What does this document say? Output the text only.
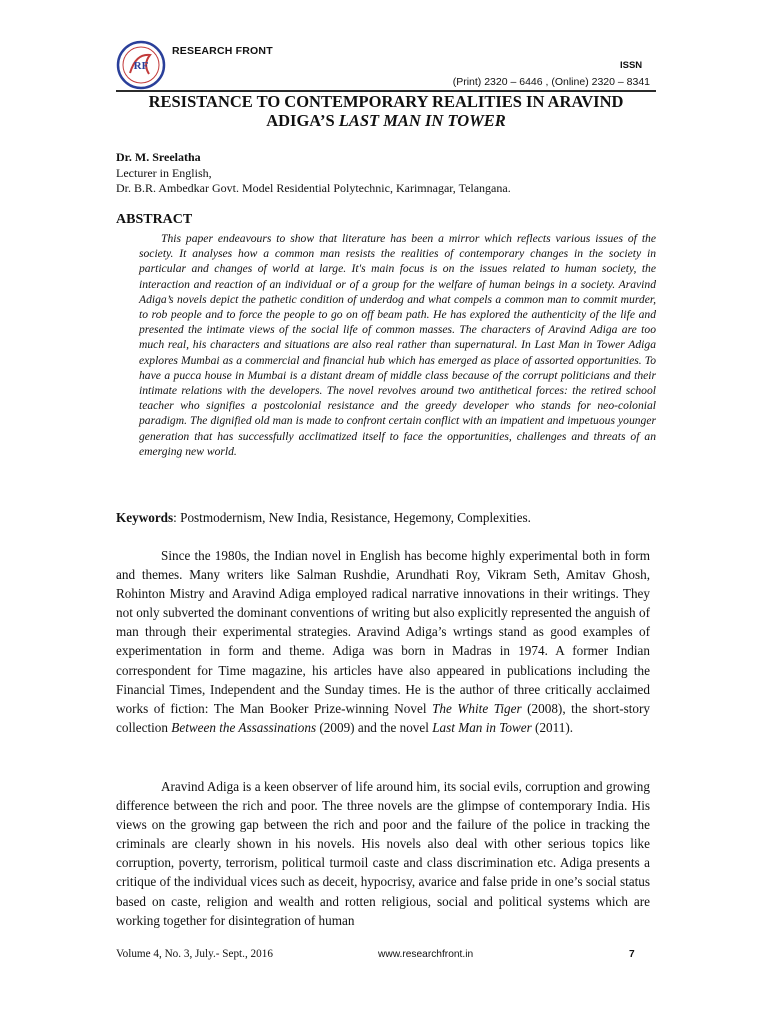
RF
RESEARCH FRONT
ISSN
(Print) 2320 – 6446 , (Online) 2320 – 8341
RESISTANCE TO CONTEMPORARY REALITIES IN ARAVIND
ADIGA’S LAST MAN IN TOWER
Dr. M. Sreelatha
Lecturer in English,
Dr. B.R. Ambedkar Govt. Model Residential Polytechnic, Karimnagar, Telangana.
ABSTRACT

This paper endeavours to show that literature has been a mirror which reflects various issues of the society. It analyses how a common man resists the realities of contemporary changes in the society in particular and changes of world at large. It's main focus is on the issues related to human society, the interaction and reaction of an individual or of a group for the welfare of human beings in a society. Aravind Adiga’s novels depict the pathetic condition of underdog and what compels a common man to commit murder, to rob people and to force the people to go on off beam path. He has explored the authenticity of the life and presented the intimate views of the social life of common masses. The characters of Aravind Adiga are too much real, his characters and situations are also real rather than supernatural. In Last Man in Tower Adiga explores Mumbai as a commercial and financial hub which has emerged as place of assorted opportunities. To have a pucca house in Mumbai is a distant dream of middle class because of the corrupt politicians and their intimate relations with the developers. The novel revolves around two antithetical forces: the retired school teacher who signifies a postcolonial resistance and the greedy developer who stands for neo-colonial paradigm. The dignified old man is made to confront certain conflict with an impatient and impetuous younger generation that has successfully acclimatized itself to face the opportunities, challenges and threats of an emerging new world.

Keywords: Postmodernism, New India, Resistance, Hegemony, Complexities.

Since the 1980s, the Indian novel in English has become highly experimental both in form and themes. Many writers like Salman Rushdie, Arundhati Roy, Vikram Seth, Amitav Ghosh, Rohinton Mistry and Aravind Adiga employed radical narrative innovations in their writings. They not only subverted the dominant conventions of writing but also explicitly represented the anguish of man through their experimental strategies. Aravind Adiga’s wrtings stand as good examples of experimentation in form and theme. Adiga was born in Madras in 1974. A former Indian correspondent for Time magazine, his articles have also appeared in publications including the Financial Times, Independent and the Sunday times. He is the author of three critically acclaimed works of fiction: The Man Booker Prize-winning Novel The White Tiger (2008), the short-story collection Between the Assassinations (2009) and the novel Last Man in Tower (2011).

Aravind Adiga is a keen observer of life around him, its social evils, corruption and growing difference between the rich and poor. The three novels are the glimpse of contemporary India. His views on the growing gap between the rich and poor and the failure of the police in tracking the criminals are clearly shown in his novels. His novels also deal with other serious topics like corruption, poverty, terrorism, political turmoil caste and class discrimination etc. Adiga presents a critique of the individual vices such as deceit, hypocrisy, avarice and false pride in one’s social status based on caste, religion and wealth and rotten religious, social and political systems which are working together for disintegration of human

Volume 4, No. 3, July.- Sept., 2016	www.researchfront.in	7
